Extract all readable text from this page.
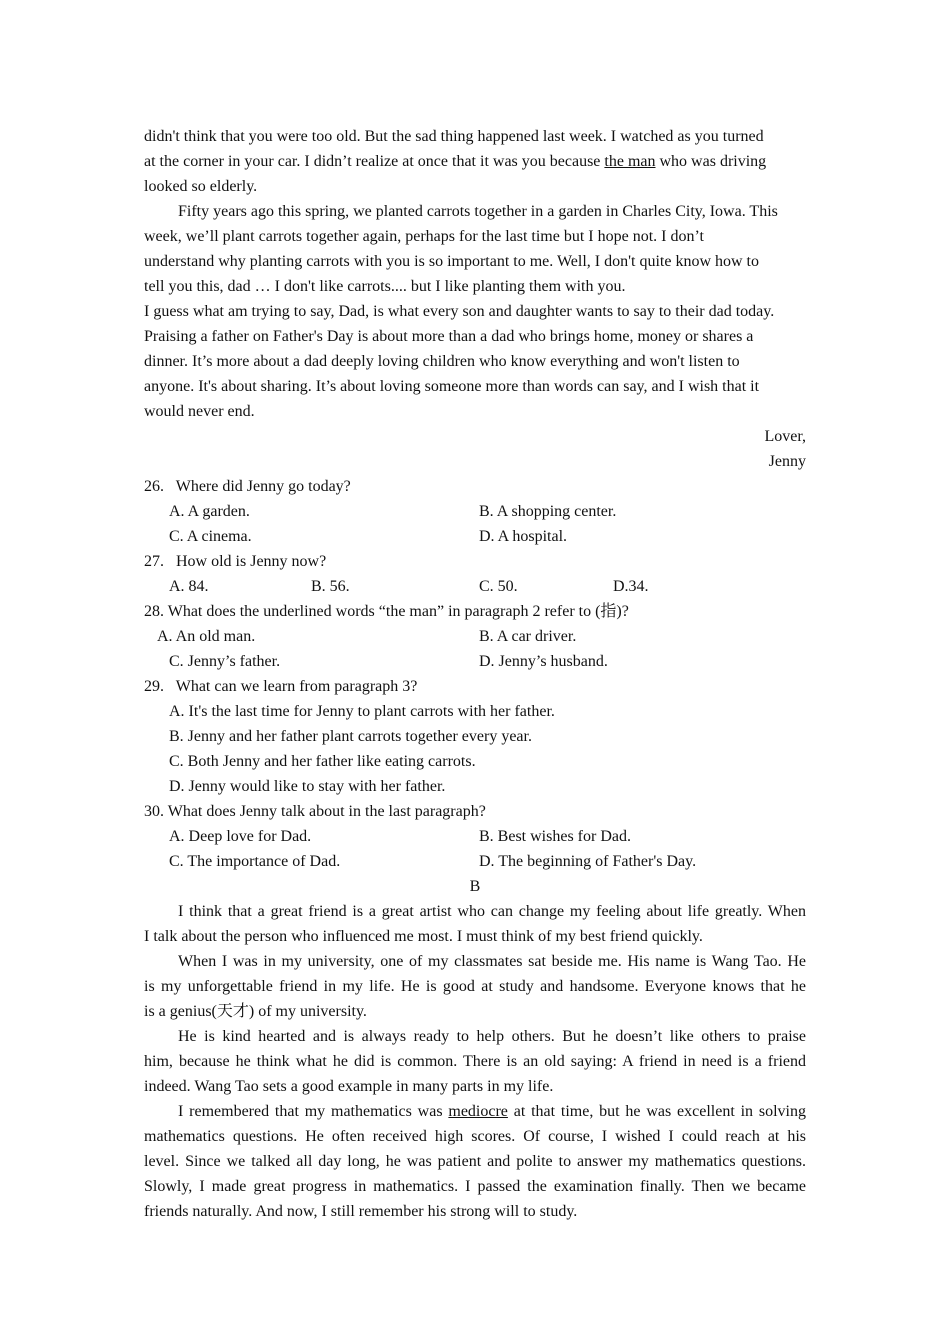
didn't think that you were too old. But the sad thing happened last week. I watched as you turned
at the corner in your car. I didn’t realize at once that it was you because the man who was driving
looked so elderly.
Fifty years ago this spring, we planted carrots together in a garden in Charles City, Iowa. This
week, we’ll plant carrots together again, perhaps for the last time but I hope not. I don’t
understand why planting carrots with you is so important to me. Well, I don't quite know how to
tell you this, dad … I don't like carrots.... but I like planting them with you.
I guess what am trying to say, Dad, is what every son and daughter wants to say to their dad today.
Praising a father on Father's Day is about more than a dad who brings home, money or shares a
dinner. It’s more about a dad deeply loving children who know everything and won't listen to
anyone. It's about sharing. It’s about loving someone more than words can say, and I wish that it
would never end.
Lover,
Jenny
26.   Where did Jenny go today?
A. A garden.	B. A shopping center.
C. A cinema.	D. A hospital.
27.   How old is Jenny now?
A. 84.	B. 56.	C. 50.	D.34.
28. What does the underlined words “the man” in paragraph 2 refer to (指)?
A. An old man.	B. A car driver.
C. Jenny’s father.	D. Jenny’s husband.
29.   What can we learn from paragraph 3?
A. It's the last time for Jenny to plant carrots with her father.
B. Jenny and her father plant carrots together every year.
C. Both Jenny and her father like eating carrots.
D. Jenny would like to stay with her father.
30. What does Jenny talk about in the last paragraph?
A. Deep love for Dad.	B. Best wishes for Dad.
C. The importance of Dad.	D. The beginning of Father's Day.
B
I think that a great friend is a great artist who can change my feeling about life greatly. When
I talk about the person who influenced me most. I must think of my best friend quickly.
When I was in my university, one of my classmates sat beside me. His name is Wang Tao. He
is my unforgettable friend in my life. He is good at study and handsome. Everyone knows that he
is a genius(天才) of my university.
He is kind hearted and is always ready to help others. But he doesn’t like others to praise
him, because he think what he did is common. There is an old saying: A friend in need is a friend
indeed. Wang Tao sets a good example in many parts in my life.
I remembered that my mathematics was mediocre at that time, but he was excellent in solving
mathematics questions. He often received high scores. Of course, I wished I could reach at his
level. Since we talked all day long, he was patient and polite to answer my mathematics questions.
Slowly, I made great progress in mathematics. I passed the examination finally. Then we became
friends naturally. And now, I still remember his strong will to study.
